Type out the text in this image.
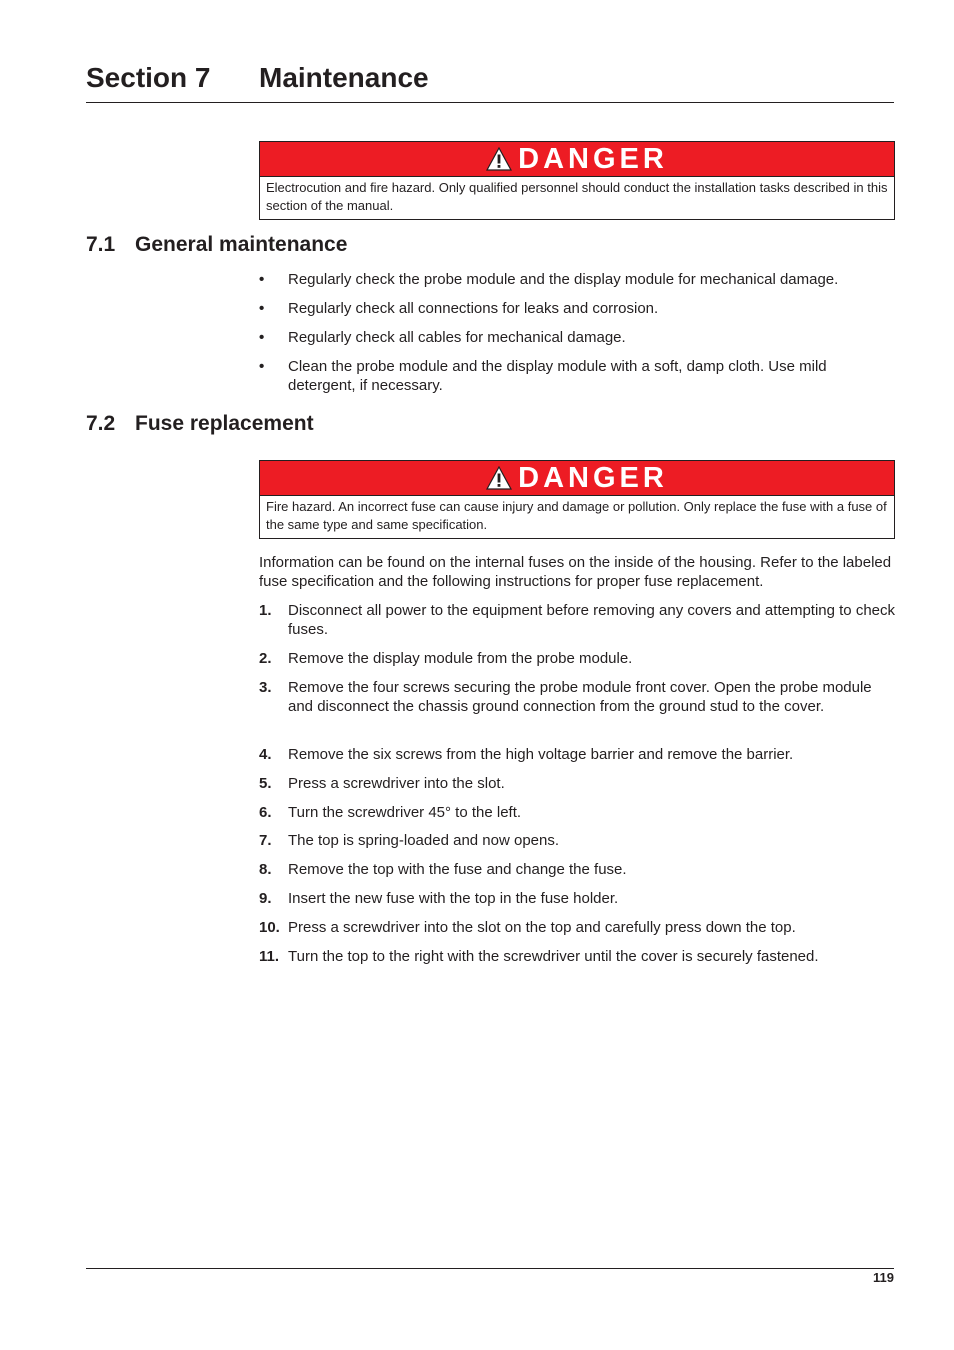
Section 7 Maintenance
DANGER
Electrocution and fire hazard. Only qualified personnel should conduct the installation tasks described in this section of the manual.
7.1 General maintenance
• Regularly check the probe module and the display module for mechanical damage.
• Regularly check all connections for leaks and corrosion.
• Regularly check all cables for mechanical damage.
• Clean the probe module and the display module with a soft, damp cloth. Use mild detergent, if necessary.
7.2 Fuse replacement
DANGER
Fire hazard. An incorrect fuse can cause injury and damage or pollution. Only replace the fuse with a fuse of the same type and same specification.
Information can be found on the internal fuses on the inside of the housing. Refer to the labeled fuse specification and the following instructions for proper fuse replacement.
1. Disconnect all power to the equipment before removing any covers and attempting to check fuses.
2. Remove the display module from the probe module.
3. Remove the four screws securing the probe module front cover. Open the probe module and disconnect the chassis ground connection from the ground stud to the cover.
4. Remove the six screws from the high voltage barrier and remove the barrier.
5. Press a screwdriver into the slot.
6. Turn the screwdriver 45° to the left.
7. The top is spring-loaded and now opens.
8. Remove the top with the fuse and change the fuse.
9. Insert the new fuse with the top in the fuse holder.
10. Press a screwdriver into the slot on the top and carefully press down the top.
11. Turn the top to the right with the screwdriver until the cover is securely fastened.
119
